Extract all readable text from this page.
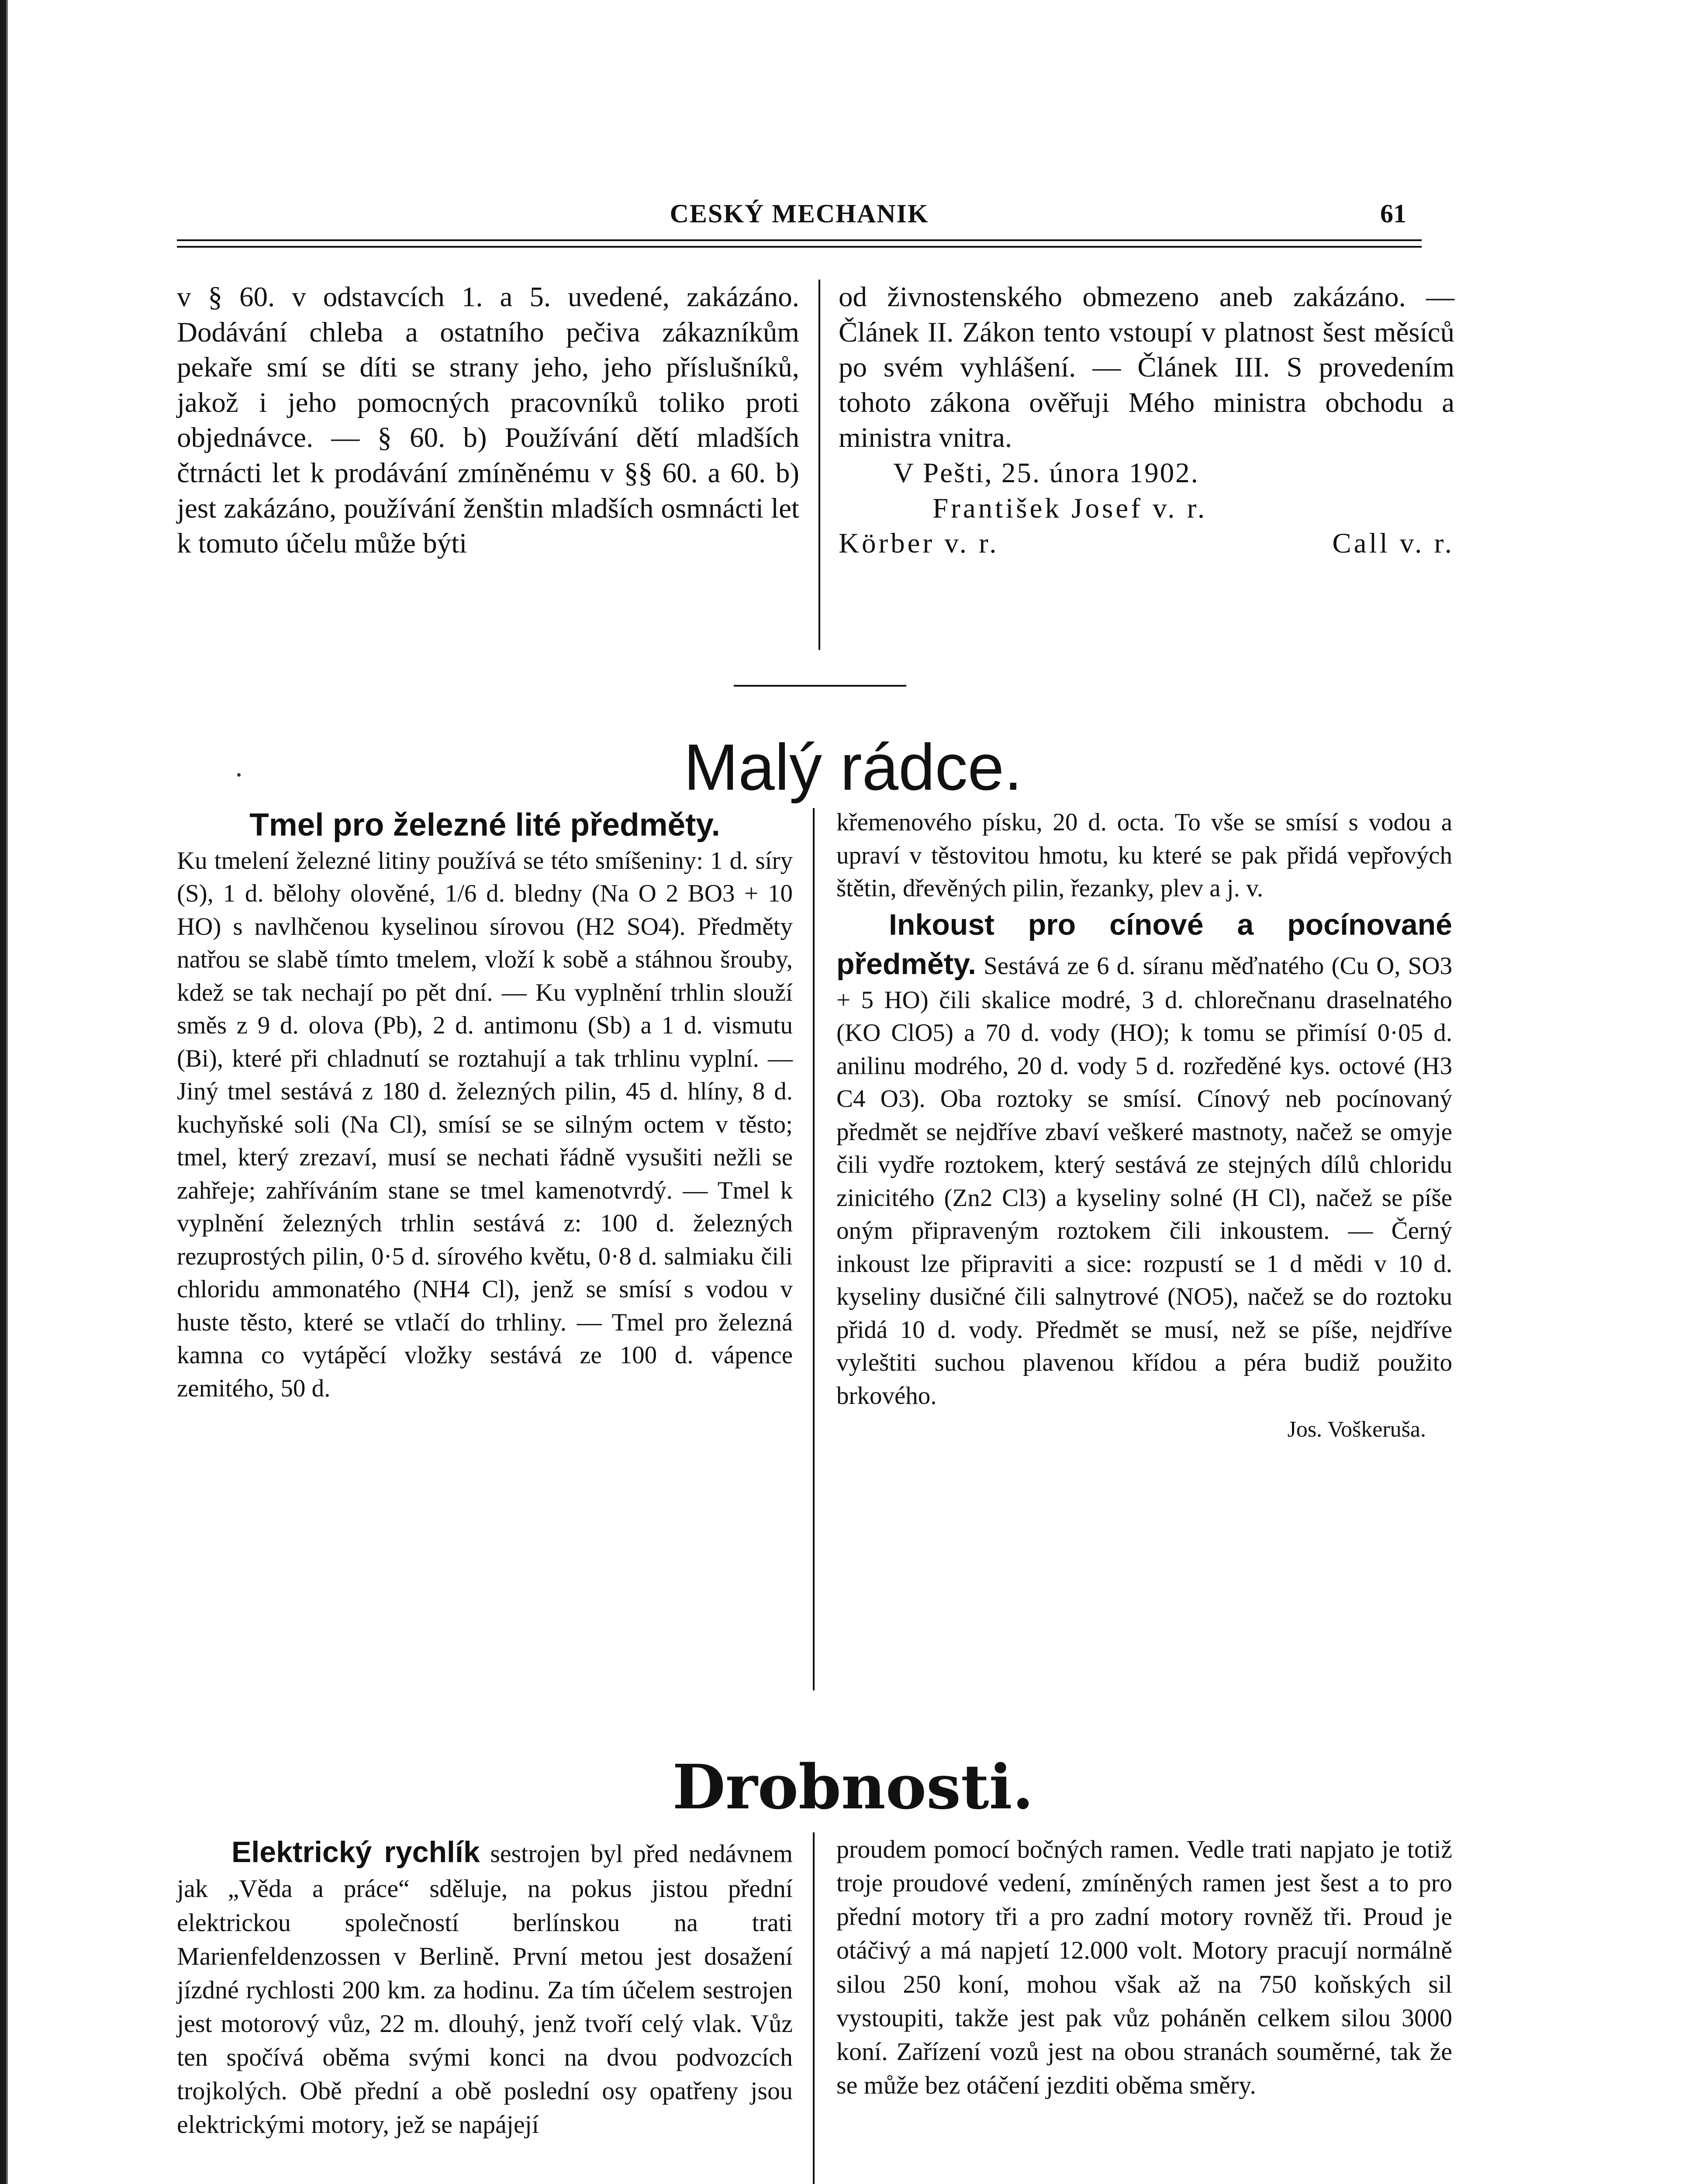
CESKÝ MECHANIK	61

v § 60. v odstavcích 1. a 5. uvedené, zakázáno. Dodávání chleba a ostatního pečiva zákazníkům pekaře smí se díti se strany jeho, jeho příslušníků, jakož i jeho pomocných pracovníků toliko proti objednávce. — § 60. b) Používání dětí mladších čtrnácti let k prodávání zmíněnému v §§ 60. a 60. b) jest zakázáno, používání ženštin mladších osmnácti let k tomuto účelu může býti

od živnostenského obmezeno aneb zakázáno. — Článek II. Zákon tento vstoupí v platnost šest měsíců po svém vyhlášení. — Článek III. S provedením tohoto zákona ověřuji Mého ministra obchodu a ministra vnitra.

V Pešti, 25. února 1902.

František Josef v. r.

Körber v. r.	Call v. r.
Malý rádce.

Tmel pro železné lité předměty.

Ku tmelení železné litiny používá se této smíšeniny: 1 d. síry (S), 1 d. bělohy olověné, 1/6 d. bledny (Na O 2 BO3 + 10 HO) s navlhčenou kyselinou sírovou (H2 SO4). Předměty natřou se slabě tímto tmelem, vloží k sobě a stáhnou šrouby, kdež se tak nechají po pět dní. — Ku vyplnění trhlin slouží směs z 9 d. olova (Pb), 2 d. antimonu (Sb) a 1 d. vismutu (Bi), které při chladnutí se roztahují a tak trhlinu vyplní. — Jiný tmel sestává z 180 d. železných pilin, 45 d. hlíny, 8 d. kuchyňské soli (Na Cl), smísí se se silným octem v těsto; tmel, který zrezaví, musí se nechati řádně vysušiti nežli se zahřeje; zahříváním stane se tmel kamenotvrdý. — Tmel k vyplnění železných trhlin sestává z: 100 d. železných rezuprostých pilin, 0·5 d. sírového květu, 0·8 d. salmiaku čili chloridu ammonatého (NH4 Cl), jenž se smísí s vodou v huste těsto, které se vtlačí do trhliny. — Tmel pro železná kamna co vytápěcí vložky sestává ze 100 d. vápence zemitého, 50 d.

křemenového písku, 20 d. octa. To vše se smísí s vodou a upraví v těstovitou hmotu, ku které se pak přidá vepřových štětin, dřevěných pilin, řezanky, plev a j. v.

Inkoust pro cínové a pocínované předměty. Sestává ze 6 d. síranu měďnatého (Cu O, SO3 + 5 HO) čili skalice modré, 3 d. chlorečnanu draselnatého (KO ClO5) a 70 d. vody (HO); k tomu se přimísí 0·05 d. anilinu modrého, 20 d. vody 5 d. rozředěné kys. octové (H3 C4 O3). Oba roztoky se smísí. Cínový neb pocínovaný předmět se nejdříve zbaví veškeré mastnoty, načež se omyje čili vydře roztokem, který sestává ze stejných dílů chloridu zinicitého (Zn2 Cl3) a kyseliny solné (H Cl), načež se píše oným připraveným roztokem čili inkoustem. — Černý inkoust lze připraviti a sice: rozpustí se 1 d mědi v 10 d. kyseliny dusičné čili salnytrové (NO5), načež se do roztoku přidá 10 d. vody. Předmět se musí, než se píše, nejdříve vyleštiti suchou plavenou křídou a péra budiž použito brkového.

Jos. Voškeruša.

Drobnosti.

Elektrický rychlík sestrojen byl před nedávnem jak „Věda a práce“ sděluje, na pokus jistou přední elektrickou společností berlínskou na trati Marienfeldenzossen v Berlině. První metou jest dosažení jízdné rychlosti 200 km. za hodinu. Za tím účelem sestrojen jest motorový vůz, 22 m. dlouhý, jenž tvoří celý vlak. Vůz ten spočívá oběma svými konci na dvou podvozcích trojkolých. Obě přední a obě poslední osy opatřeny jsou elektrickými motory, jež se napájejí

proudem pomocí bočných ramen. Vedle trati napjato je totiž troje proudové vedení, zmíněných ramen jest šest a to pro přední motory tři a pro zadní motory rovněž tři. Proud je otáčivý a má napjetí 12.000 volt. Motory pracují normálně silou 250 koní, mohou však až na 750 koňských sil vystoupiti, takže jest pak vůz poháněn celkem silou 3000 koní. Zařízení vozů jest na obou stranách souměrné, tak že se může bez otáčení jezditi oběma směry.
